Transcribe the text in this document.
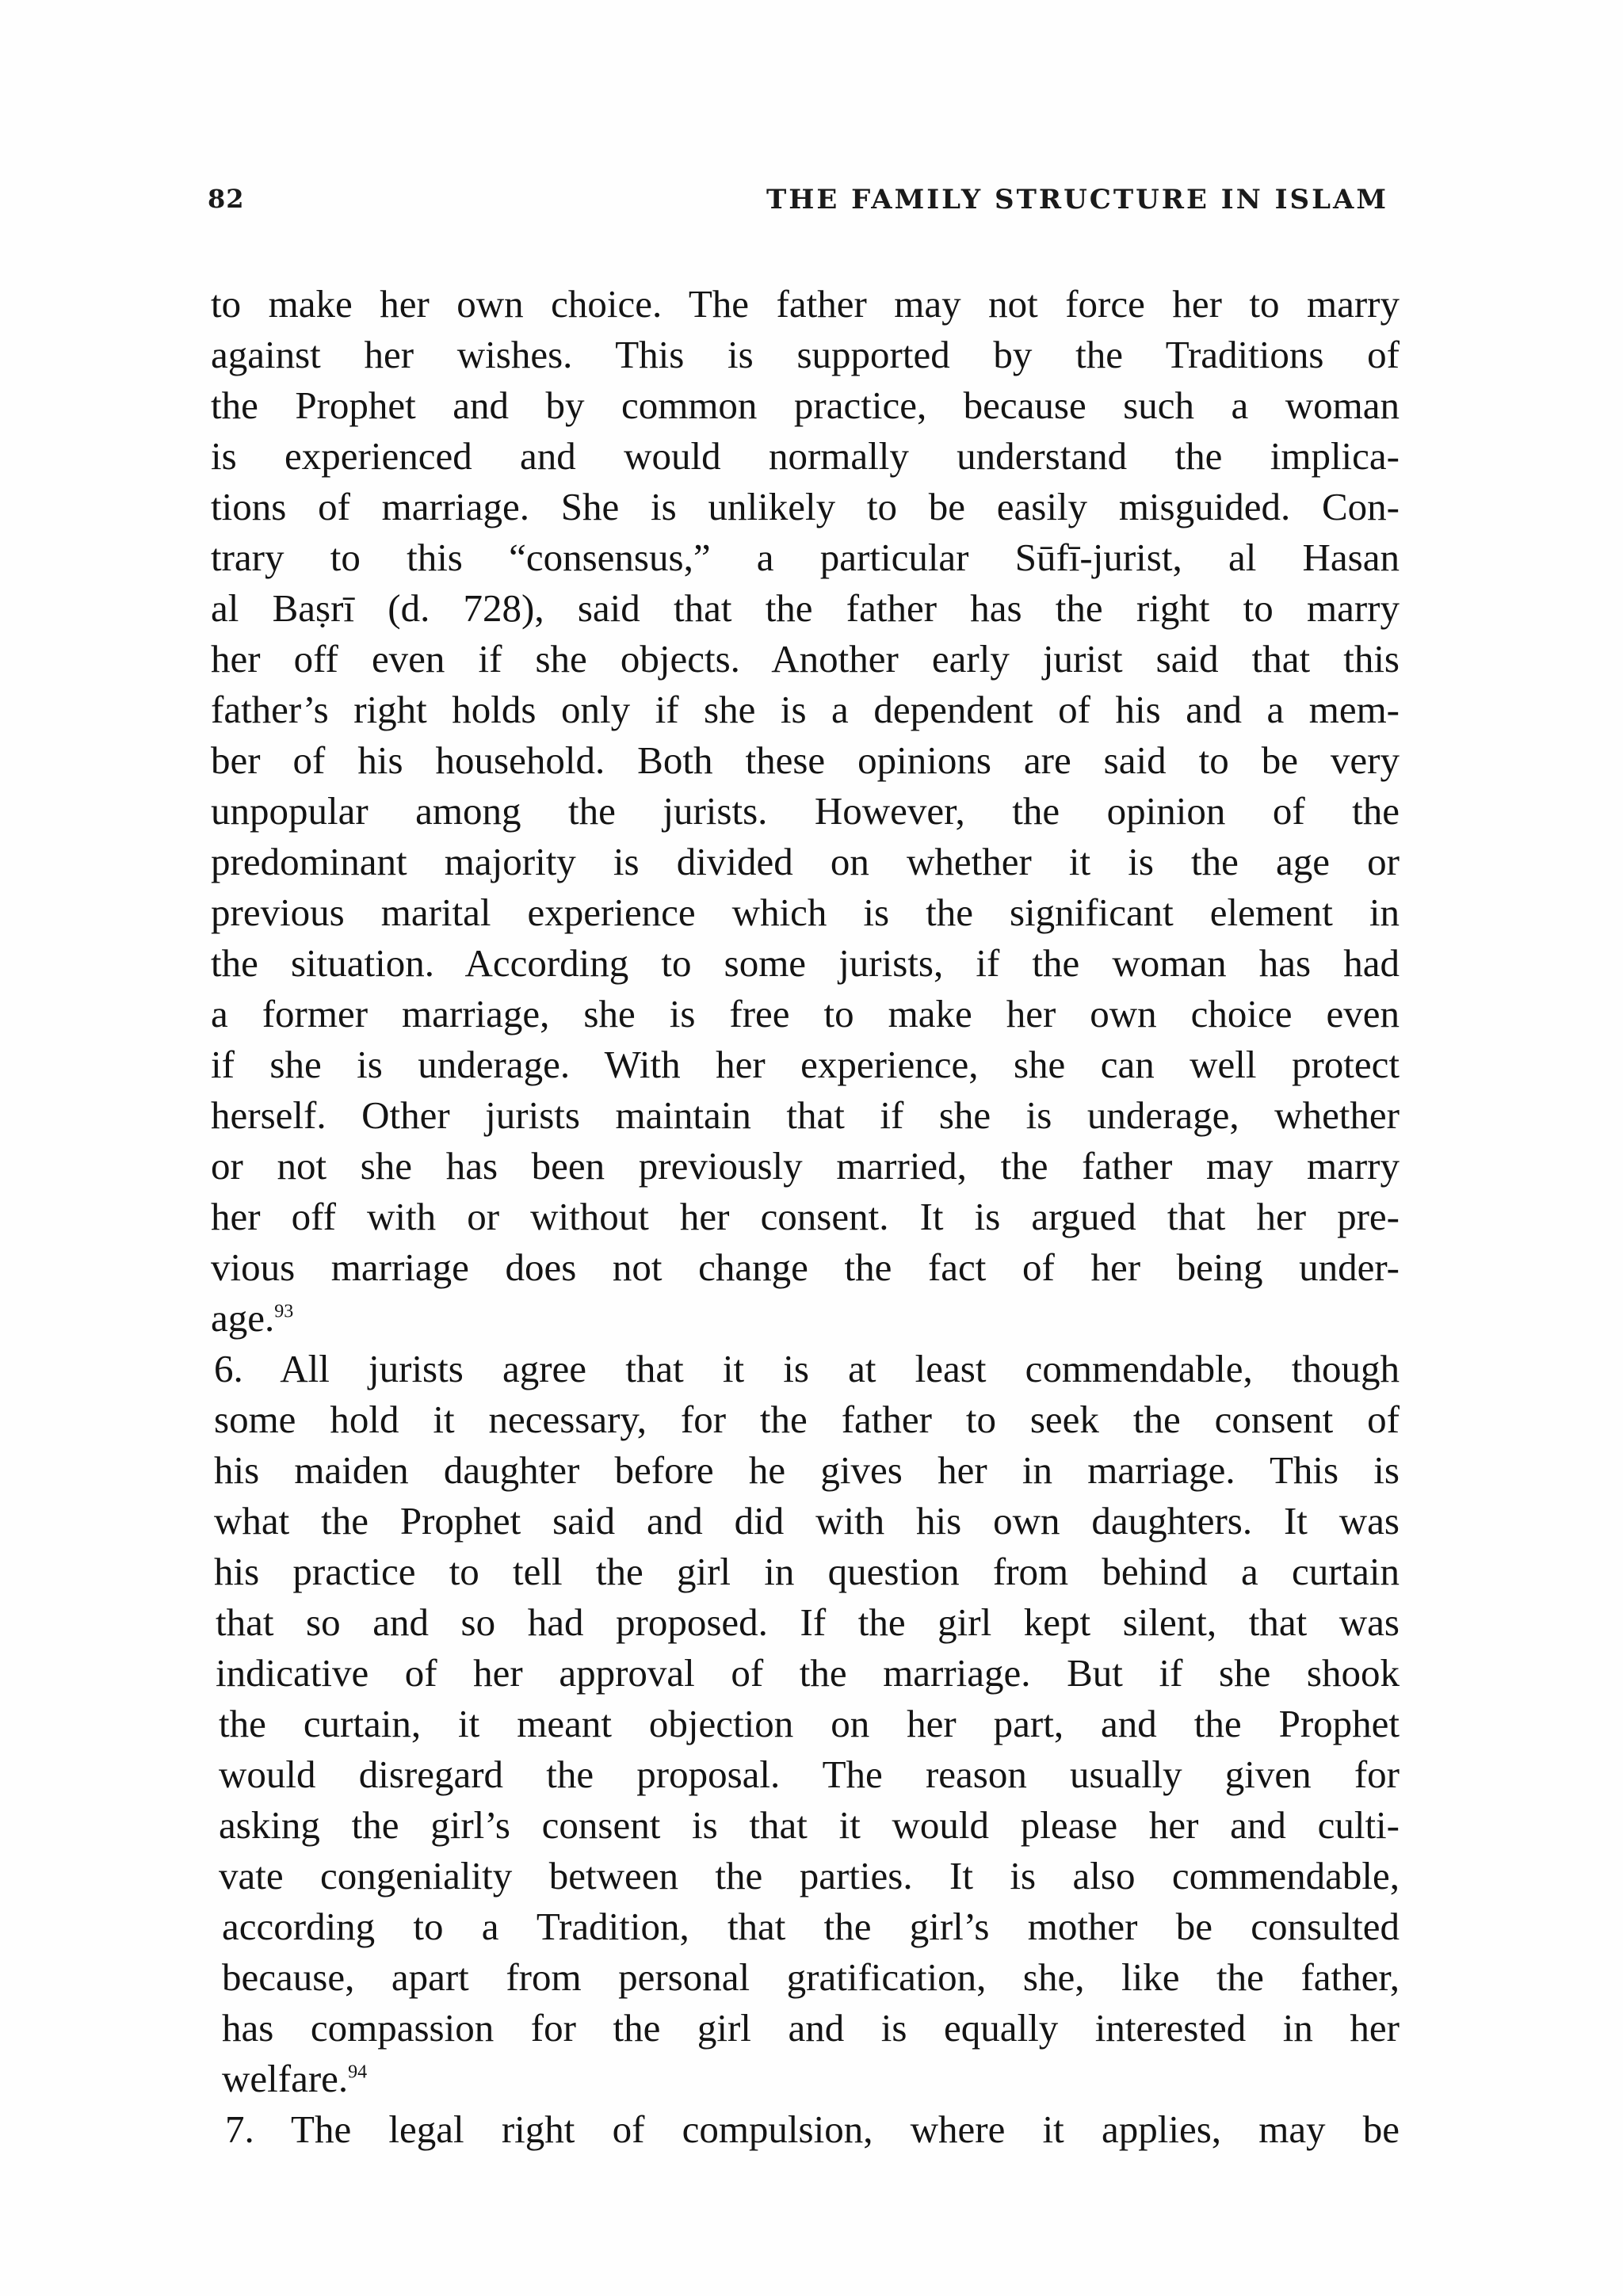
82	THE FAMILY STRUCTURE IN ISLAM
to make her own choice. The father may not force her to marry
against her wishes. This is supported by the Traditions of
the Prophet and by common practice, because such a woman
is experienced and would normally understand the implica-
tions of marriage. She is unlikely to be easily misguided. Con-
trary to this “consensus,” a particular Sūfī-jurist, al Hasan
al Baṣrī (d. 728), said that the father has the right to marry
her off even if she objects. Another early jurist said that this
father’s right holds only if she is a dependent of his and a mem-
ber of his household. Both these opinions are said to be very
unpopular among the jurists. However, the opinion of the
predominant majority is divided on whether it is the age or
previous marital experience which is the significant element in
the situation. According to some jurists, if the woman has had
a former marriage, she is free to make her own choice even
if she is underage. With her experience, she can well protect
herself. Other jurists maintain that if she is underage, whether
or not she has been previously married, the father may marry
her off with or without her consent. It is argued that her pre-
vious marriage does not change the fact of her being under-
age.$^{93}$
6. All jurists agree that it is at least commendable, though
some hold it necessary, for the father to seek the consent of
his maiden daughter before he gives her in marriage. This is
what the Prophet said and did with his own daughters. It was
his practice to tell the girl in question from behind a curtain
that so and so had proposed. If the girl kept silent, that was
indicative of her approval of the marriage. But if she shook
the curtain, it meant objection on her part, and the Prophet
would disregard the proposal. The reason usually given for
asking the girl’s consent is that it would please her and culti-
vate congeniality between the parties. It is also commendable,
according to a Tradition, that the girl’s mother be consulted
because, apart from personal gratification, she, like the father,
has compassion for the girl and is equally interested in her
welfare.$^{94}$
7. The legal right of compulsion, where it applies, may be
